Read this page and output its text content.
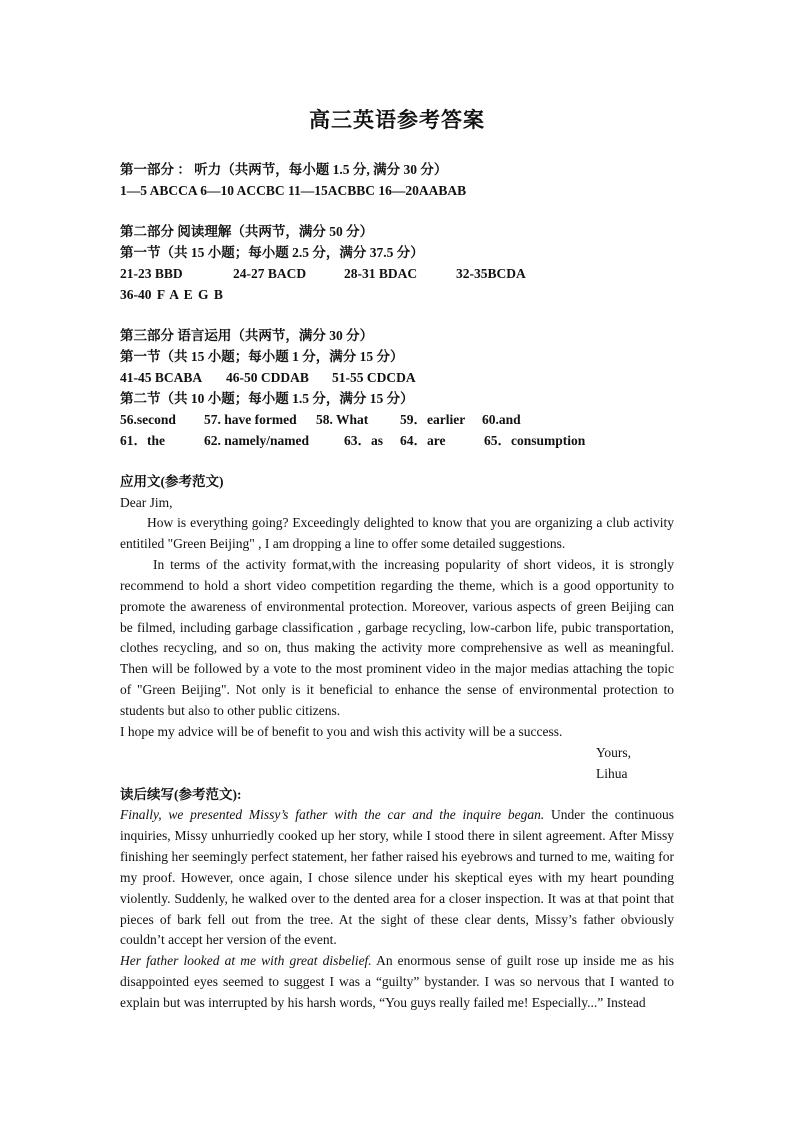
高三英语参考答案
第一部分 ： 听力（共两节，每小题 1.5 分, 满分 30 分）
1—5 ABCCA 6—10 ACCBC 11—15ACBBC 16—20AABAB
第二部分 阅读理解（共两节，满分 50 分）
第一节（共 15 小题；每小题 2.5 分，满分 37.5 分）
21-23 BBD	24-27 BACD	28-31 BDAC	32-35BCDA
36-40 F A E G B
第三部分 语言运用（共两节，满分 30 分）
第一节（共 15 小题；每小题 1 分，满分 15 分）
41-45 BCABA 46-50 CDDAB 51-55 CDCDA
第二节（共 10 小题；每小题 1.5 分，满分 15 分）
56.second 57. have formed 58. What 59．earlier 60.and
61．the	62. namely/named	63．as 64．are	65．consumption
应用文(参考范文)
Dear Jim,

How is everything going? Exceedingly delighted to know that you are organizing a club activity entitiled "Green Beijing" , I am dropping a line to offer some detailed suggestions.

In terms of the activity format,with the increasing popularity of short videos, it is strongly recommend to hold a short video competition regarding the theme, which is a good opportunity to promote the awareness of environmental protection. Moreover, various aspects of green Beijing can be filmed, including garbage classification , garbage recycling, low-carbon life, pubic transportation, clothes recycling, and so on, thus making the activity more comprehensive as well as meaningful. Then will be followed by a vote to the most prominent video in the major medias attaching the topic of "Green Beijing". Not only is it beneficial to enhance the sense of environmental protection to students but also to other public citizens.

I hope my advice will be of benefit to you and wish this activity will be a success.

Yours,
Lihua
读后续写(参考范文):

Finally, we presented Missy’s father with the car and the inquire began. Under the continuous inquiries, Missy unhurriedly cooked up her story, while I stood there in silent agreement. After Missy finishing her seemingly perfect statement, her father raised his eyebrows and turned to me, waiting for my proof. However, once again, I chose silence under his skeptical eyes with my heart pounding violently. Suddenly, he walked over to the dented area for a closer inspection. It was at that point that pieces of bark fell out from the tree. At the sight of these clear dents, Missy’s father obviously couldn’t accept her version of the event.

Her father looked at me with great disbelief. An enormous sense of guilt rose up inside me as his disappointed eyes seemed to suggest I was a “guilty” bystander. I was so nervous that I wanted to explain but was interrupted by his harsh words, “You guys really failed me! Especially...” Instead
